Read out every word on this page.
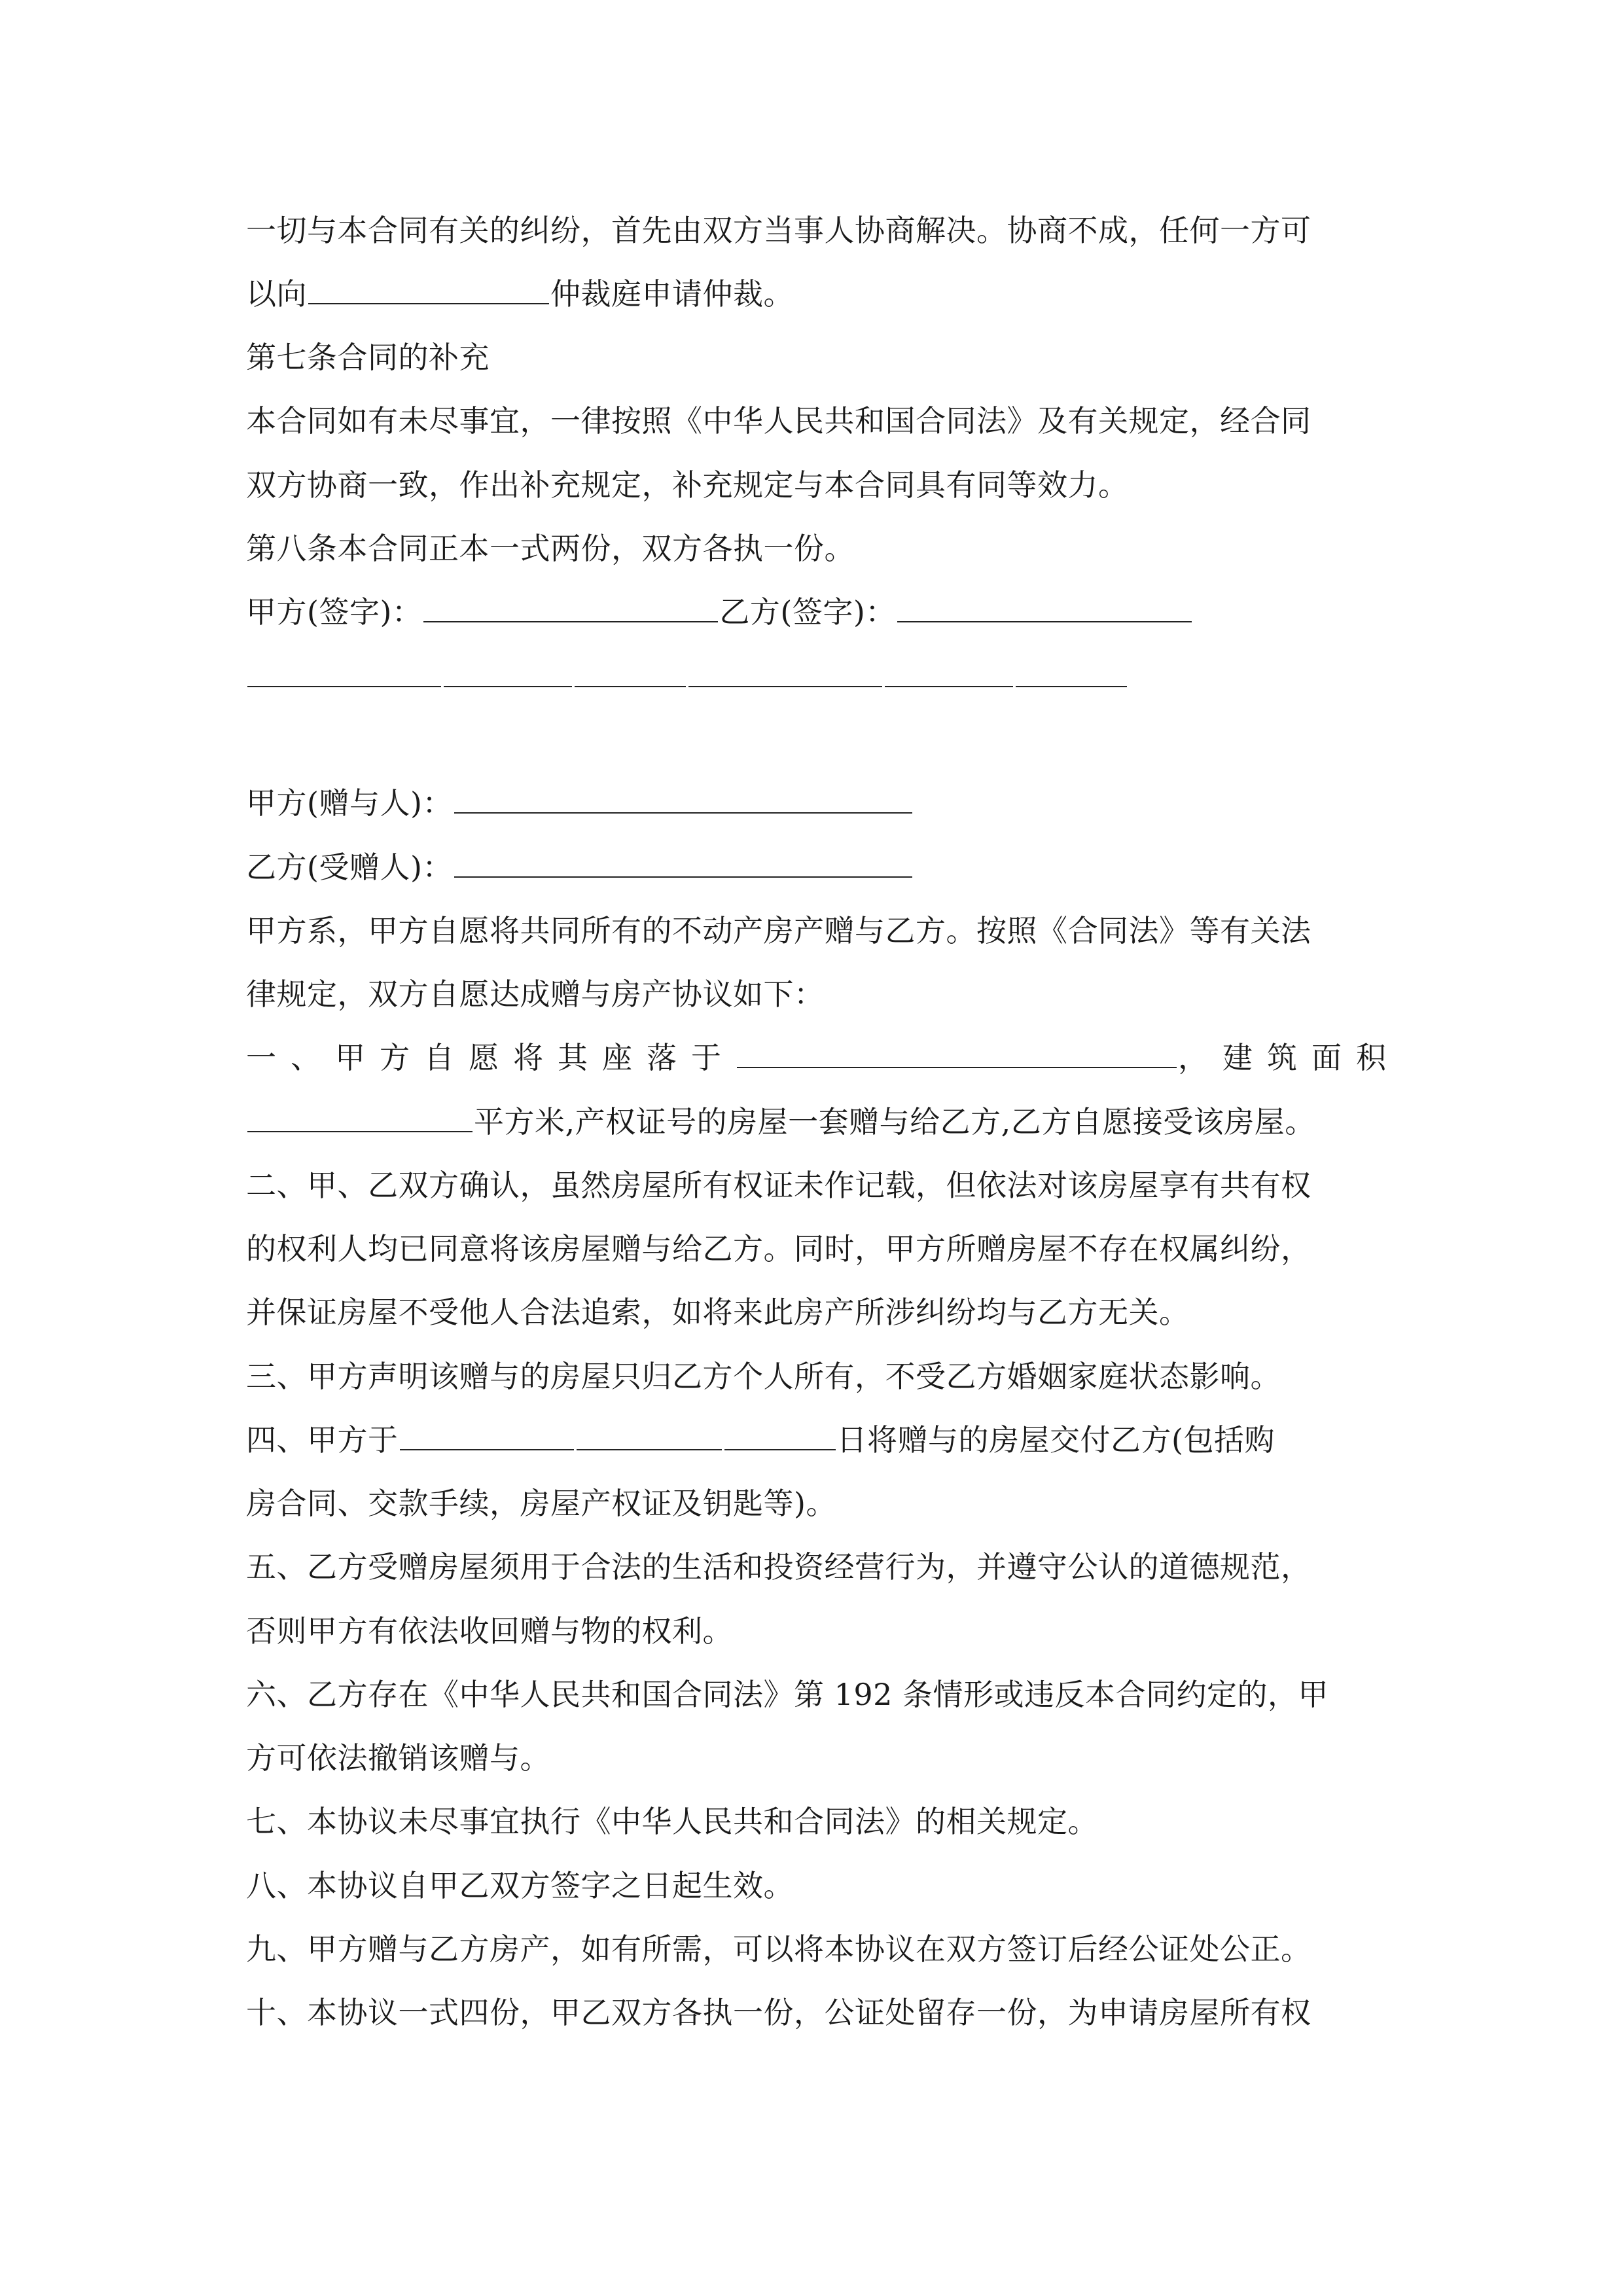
一切与本合同有关的纠纷，首先由双方当事人协商解决。协商不成，任何一方可
以向	仲裁庭申请仲裁。
第七条合同的补充
本合同如有未尽事宜，一律按照《中华人民共和国合同法》及有关规定，经合同
双方协商一致，作出补充规定，补充规定与本合同具有同等效力。
第八条本合同正本一式两份，双方各执一份。
甲方(签字)：	乙方(签字)：
甲方(赠与人)：
乙方(受赠人)：
甲方系，甲方自愿将共同所有的不动产房产赠与乙方。按照《合同法》等有关法
律规定，双方自愿达成赠与房产协议如下：
一、甲方自愿将其座落于	，建筑面积
平方米,产权证号的房屋一套赠与给乙方,乙方自愿接受该房屋。
二、甲、乙双方确认，虽然房屋所有权证未作记载，但依法对该房屋享有共有权
的权利人均已同意将该房屋赠与给乙方。同时，甲方所赠房屋不存在权属纠纷，
并保证房屋不受他人合法追索，如将来此房产所涉纠纷均与乙方无关。
三、甲方声明该赠与的房屋只归乙方个人所有，不受乙方婚姻家庭状态影响。
四、甲方于	日将赠与的房屋交付乙方(包括购
房合同、交款手续，房屋产权证及钥匙等)。
五、乙方受赠房屋须用于合法的生活和投资经营行为，并遵守公认的道德规范，
否则甲方有依法收回赠与物的权利。
六、乙方存在《中华人民共和国合同法》第 192 条情形或违反本合同约定的，甲
方可依法撤销该赠与。
七、本协议未尽事宜执行《中华人民共和合同法》的相关规定。
八、本协议自甲乙双方签字之日起生效。
九、甲方赠与乙方房产，如有所需，可以将本协议在双方签订后经公证处公正。
十、本协议一式四份，甲乙双方各执一份，公证处留存一份，为申请房屋所有权
